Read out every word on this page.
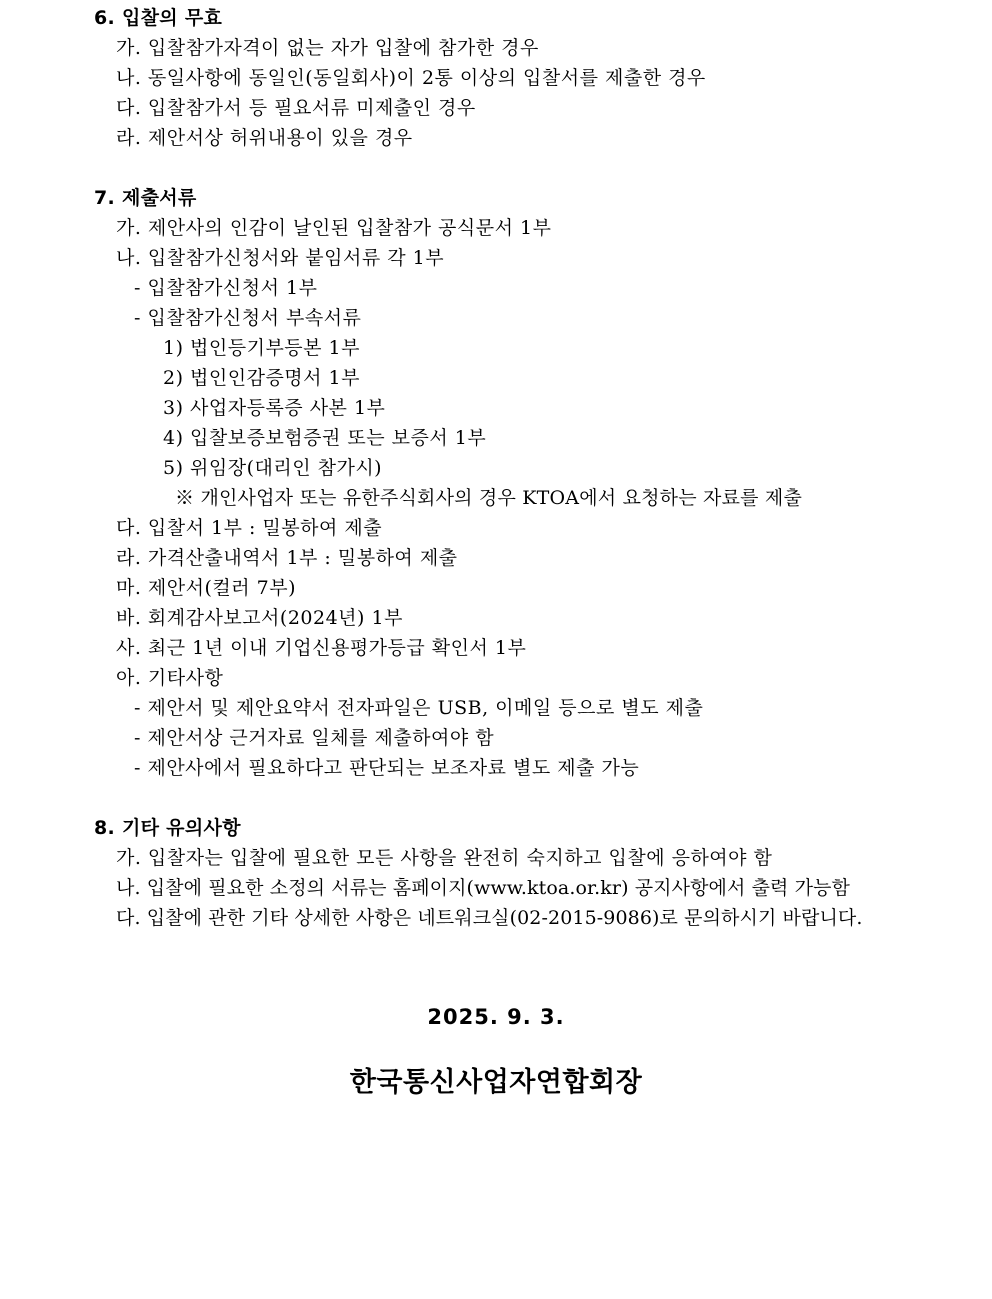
6. 입찰의 무효
가. 입찰참가자격이 없는 자가 입찰에 참가한 경우
나. 동일사항에 동일인(동일회사)이 2통 이상의 입찰서를 제출한 경우
다. 입찰참가서 등 필요서류 미제출인 경우
라. 제안서상 허위내용이 있을 경우
7. 제출서류
가. 제안사의 인감이 날인된 입찰참가 공식문서 1부
나. 입찰참가신청서와 붙임서류 각 1부
- 입찰참가신청서 1부
- 입찰참가신청서 부속서류
1) 법인등기부등본 1부
2) 법인인감증명서 1부
3) 사업자등록증 사본 1부
4) 입찰보증보험증권 또는 보증서 1부
5) 위임장(대리인 참가시)
※ 개인사업자 또는 유한주식회사의 경우 KTOA에서 요청하는 자료를 제출
다. 입찰서 1부 : 밀봉하여 제출
라. 가격산출내역서 1부 : 밀봉하여 제출
마. 제안서(컬러 7부)
바. 회계감사보고서(2024년) 1부
사. 최근 1년 이내 기업신용평가등급 확인서 1부
아. 기타사항
- 제안서 및 제안요약서 전자파일은 USB, 이메일 등으로 별도 제출
- 제안서상 근거자료 일체를 제출하여야 함
- 제안사에서 필요하다고 판단되는 보조자료 별도 제출 가능
8. 기타 유의사항
가. 입찰자는 입찰에 필요한 모든 사항을 완전히 숙지하고 입찰에 응하여야 함
나. 입찰에 필요한 소정의 서류는 홈페이지(www.ktoa.or.kr) 공지사항에서 출력 가능함
다. 입찰에 관한 기타 상세한 사항은 네트워크실(02-2015-9086)로 문의하시기 바랍니다.
2025. 9. 3.
한국통신사업자연합회장
